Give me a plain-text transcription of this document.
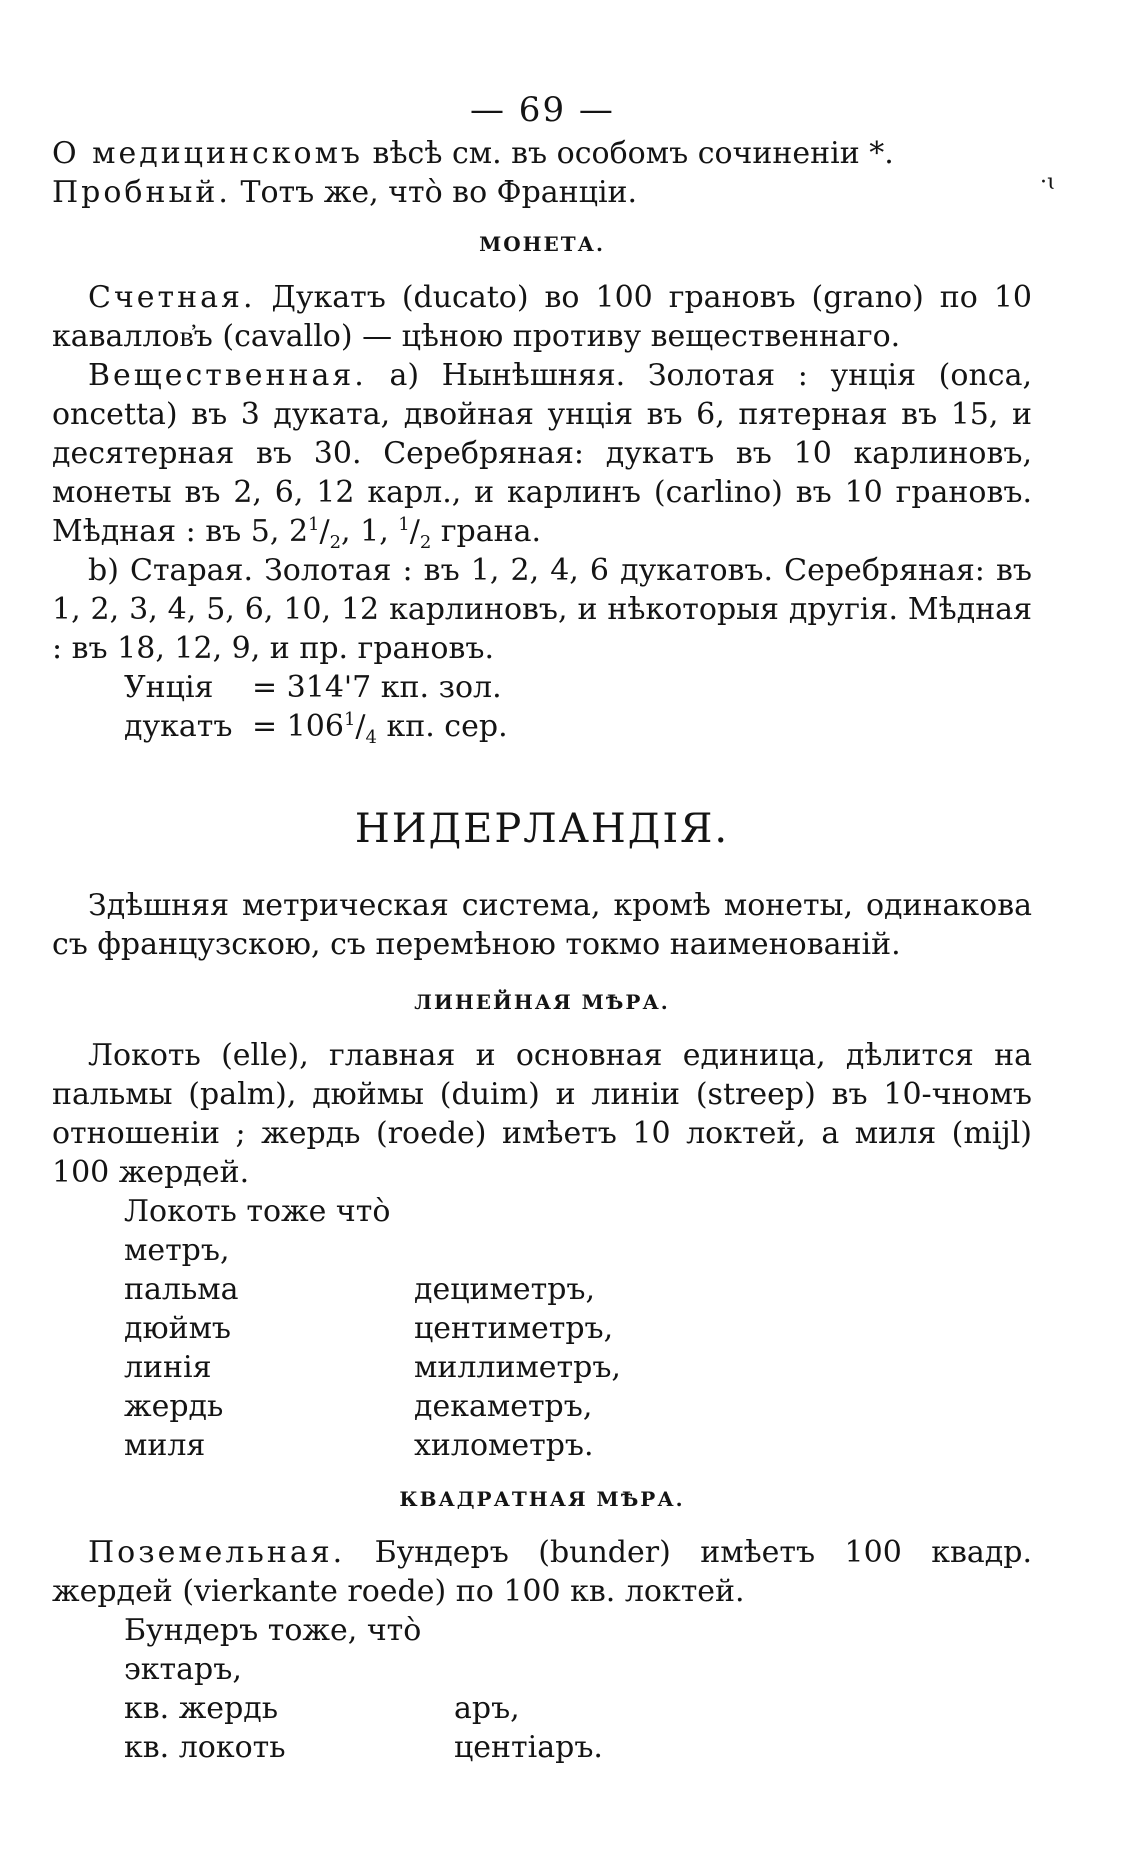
— 69 —
·ɩ

О медицинскомъ вѣсѣ см. въ особомъ сочиненіи *.

Пробный. Тотъ же, что̀ во Франціи.

МОНЕТА.

Счетная. Дукатъ (ducato) во 100 грановъ (grano) по 10 каваллов҆ъ (cavallo) — цѣною противу вещественнаго.

Вещественная. a) Нынѣшняя. Золотая : унція (onca, oncetta) въ 3 дуката, двойная унція въ 6, пятерная въ 15, и десятерная въ 30. Серебряная: дукатъ въ 10 карлиновъ, монеты въ 2, 6, 12 карл., и карлинъ (carlino) въ 10 грановъ. Мѣдная : въ 5, $2^1/_2$, 1, $^1/_2$ грана.

b) Старая. Золотая : въ 1, 2, 4, 6 дукатовъ. Серебряная: въ 1, 2, 3, 4, 5, 6, 10, 12 карлиновъ, и нѣкоторыя другія. Мѣдная : въ 18, 12, 9, и пр. грановъ.

Унція	= 314'7 кп. зол.
дукатъ = $106^1/_4$ кп. сер.
НИДЕРЛАНДІЯ.

Здѣшняя метрическая система, кромѣ монеты, одинакова съ французскою, съ перемѣною токмо наименованій.

ЛИНЕЙНАЯ МѢРА.

Локоть (elle), главная и основная единица, дѣлится на пальмы (palm), дюймы (duim) и линіи (streep) въ 10-чномъ отношеніи ; жердь (roede) имѣетъ 10 локтей, а миля (mijl) 100 жердей.

Локоть тоже что̀ метръ,
пальма	дециметръ,
дюймъ	центиметръ,
линія	миллиметръ,
жердь	декаметръ,
миля	хилометръ.
КВАДРАТНАЯ МѢРА.

Поземельная. Бундеръ (bunder) имѣетъ 100 квадр. жердей (vierkante roede) по 100 кв. локтей.

Бундеръ тоже, что̀ эктаръ,
кв. жердь	аръ,
кв. локоть	центіаръ.
